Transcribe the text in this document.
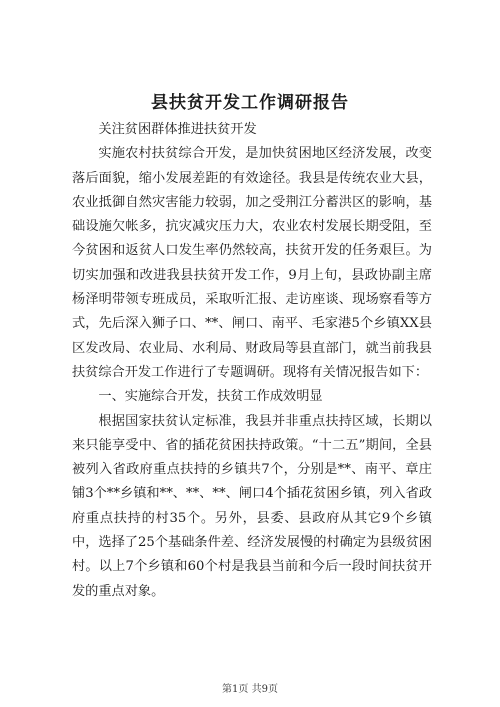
县扶贫开发工作调研报告

关注贫困群体推进扶贫开发

实施农村扶贫综合开发，是加快贫困地区经济发展，改变落后面貌，缩小发展差距的有效途径。我县是传统农业大县，农业抵御自然灾害能力较弱，加之受荆江分蓄洪区的影响，基础设施欠帐多，抗灾减灾压力大，农业农村发展长期受阻，至今贫困和返贫人口发生率仍然较高，扶贫开发的任务艰巨。为切实加强和改进我县扶贫开发工作，9月上旬，县政协副主席杨泽明带领专班成员，采取听汇报、走访座谈、现场察看等方式，先后深入狮子口、**、闸口、南平、毛家港5个乡镇XX县区发改局、农业局、水利局、财政局等县直部门，就当前我县扶贫综合开发工作进行了专题调研。现将有关情况报告如下：

一、实施综合开发，扶贫工作成效明显

根据国家扶贫认定标准，我县并非重点扶持区域，长期以来只能享受中、省的插花贫困扶持政策。“十二五”期间，全县被列入省政府重点扶持的乡镇共7个，分别是**、南平、章庄铺3个**乡镇和**、**、**、闸口4个插花贫困乡镇，列入省政府重点扶持的村35个。另外，县委、县政府从其它9个乡镇中，选择了25个基础条件差、经济发展慢的村确定为县级贫困村。以上7个乡镇和60个村是我县当前和今后一段时间扶贫开发的重点对象。

第1页 共9页
